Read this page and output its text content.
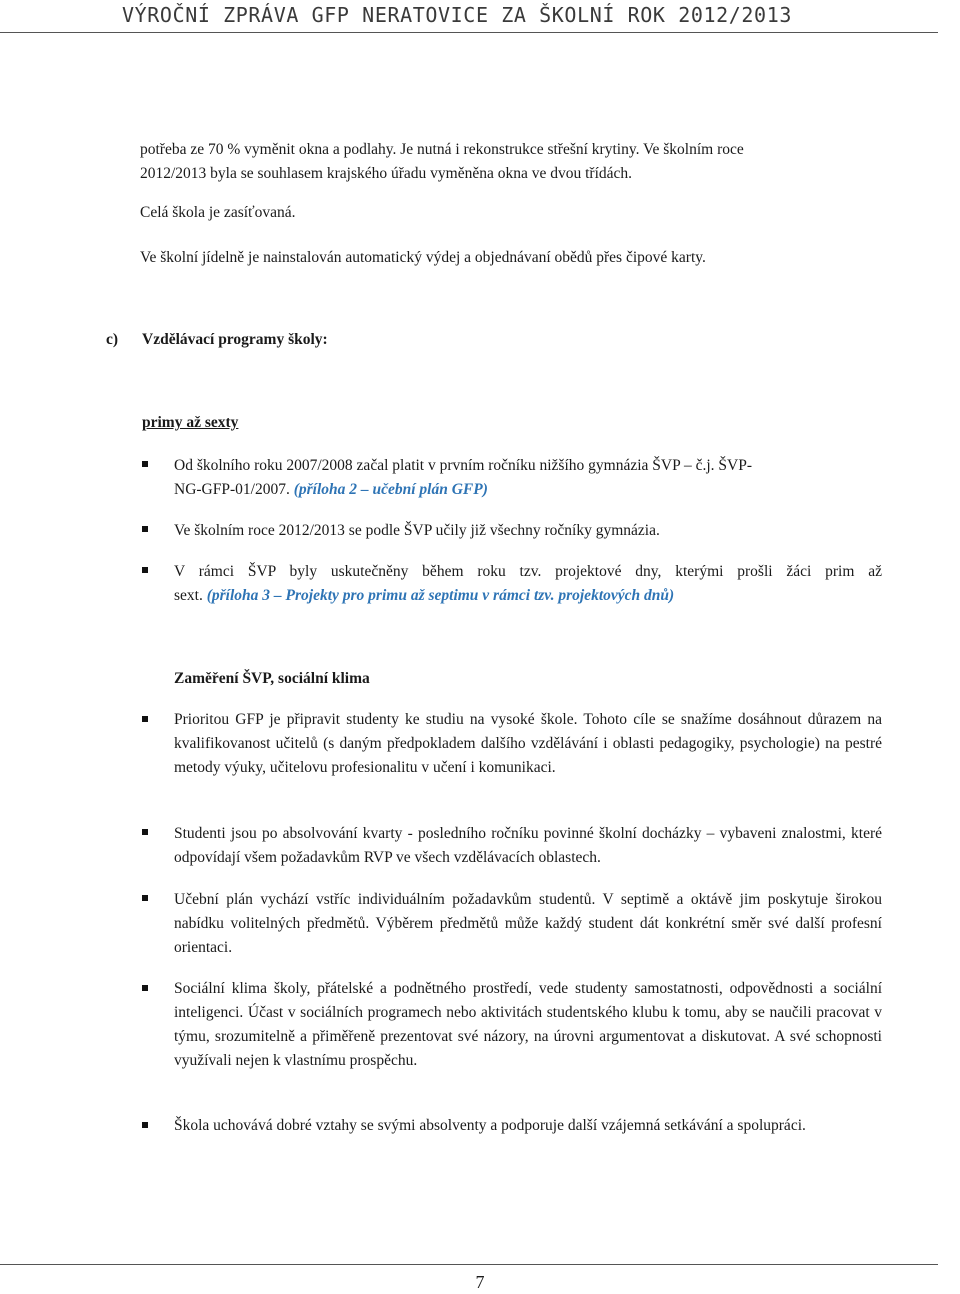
VÝROČNÍ ZPRÁVA GFP NERATOVICE ZA ŠKOLNÍ ROK 2012/2013
potřeba ze 70 % vyměnit okna a podlahy. Je nutná i rekonstrukce střešní krytiny. Ve školním roce
2012/2013 byla se souhlasem krajského úřadu vyměněna okna ve dvou třídách.
Celá škola je zasíťovaná.
Ve školní jídelně je nainstalován automatický výdej a objednávaní obědů přes čipové karty.
c) Vzdělávací programy školy:
primy až sexty
Od školního roku 2007/2008 začal platit v prvním ročníku nižšího gymnázia ŠVP – č.j. ŠVP-
NG-GFP-01/2007. (příloha 2 – učební plán GFP)
Ve školním roce 2012/2013 se podle ŠVP učily již všechny ročníky gymnázia.
V rámci ŠVP byly uskutečněny během roku tzv. projektové dny, kterými prošli žáci prim až
sext. (příloha 3 – Projekty pro primu až septimu v rámci tzv. projektových dnů)
Zaměření ŠVP, sociální klima
Prioritou GFP je připravit studenty ke studiu na vysoké škole. Tohoto cíle se snažíme dosáhnout důrazem na kvalifikovanost učitelů (s daným předpokladem dalšího vzdělávání i oblasti pedagogiky, psychologie) na pestré metody výuky, učitelovu profesionalitu v učení i komunikaci.
Studenti jsou po absolvování kvarty - posledního ročníku povinné školní docházky – vybaveni znalostmi, které odpovídají všem požadavkům RVP ve všech vzdělávacích oblastech.
Učební plán vychází vstříc individuálním požadavkům studentů. V septimě a oktávě jim poskytuje širokou nabídku volitelných předmětů. Výběrem předmětů může každý student dát konkrétní směr své další profesní orientaci.
Sociální klima školy, přátelské a podnětného prostředí, vede studenty samostatnosti, odpovědnosti a sociální inteligenci. Účast v sociálních programech nebo aktivitách studentského klubu k tomu, aby se naučili pracovat v týmu, srozumitelně a přiměřeně prezentovat své názory, na úrovni argumentovat a diskutovat. A své schopnosti využívali nejen k vlastnímu prospěchu.
Škola uchovává dobré vztahy se svými absolventy a podporuje další vzájemná setkávání a spolupráci.
7
